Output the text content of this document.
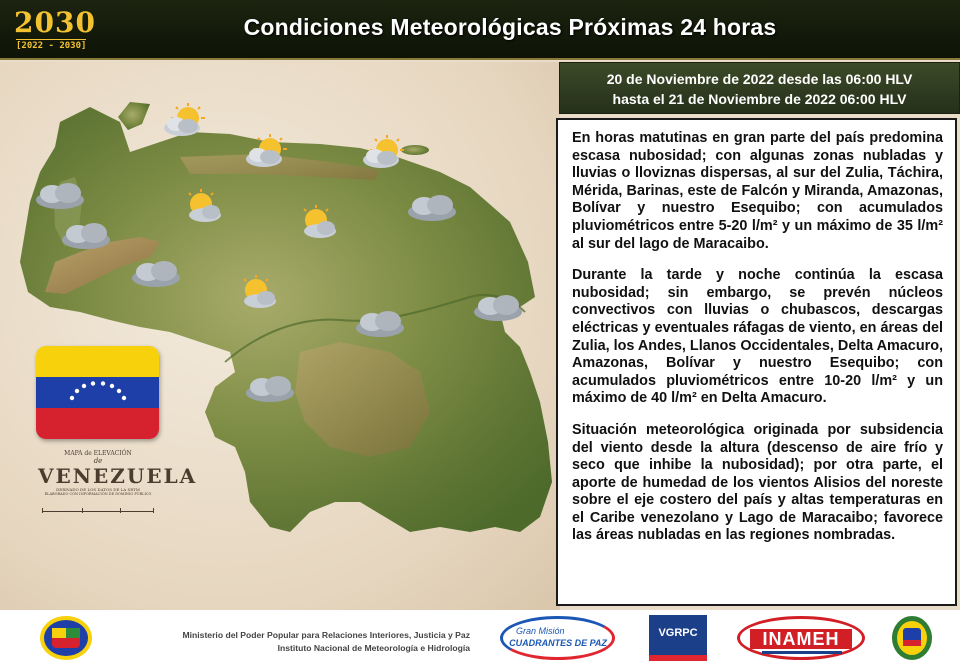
2030
[2022 - 2030]
Condiciones Meteorológicas Próximas 24 horas
MAPA de ELEVACIÓN
de
VENEZUELA
DERIVADO DE LOS DATOS DE LA SRTM
ELABORADO CON INFORMACIÓN DE DOMINIO PÚBLICO
20 de Noviembre de 2022 desde las 06:00 HLV
hasta el 21 de Noviembre de 2022 06:00 HLV

En horas matutinas en gran parte del país predomina escasa nubosidad; con algunas zonas nubladas y lluvias o lloviznas dispersas, al sur del Zulia, Táchira, Mérida, Barinas, este de Falcón y Miranda, Amazonas, Bolívar y nuestro Esequibo; con acumulados pluviométricos entre 5-20 l/m² y un máximo de 35 l/m² al sur del lago de Maracaibo.

Durante la tarde y noche continúa la escasa nubosidad; sin embargo, se prevén núcleos convectivos con lluvias o chubascos, descargas eléctricas y eventuales ráfagas de viento, en áreas del Zulia, los Andes, Llanos Occidentales, Delta Amacuro, Amazonas, Bolívar y nuestro Esequibo; con acumulados pluviométricos entre 10-20 l/m² y un máximo de 40 l/m² en Delta Amacuro.

Situación meteorológica originada por subsidencia del viento desde la altura (descenso de aire frío y seco que inhibe la nubosidad); por otra parte, el aporte de humedad de los vientos Alisios del noreste sobre el eje costero del país y altas temperaturas en el Caribe venezolano y Lago de Maracaibo; favorece las áreas nubladas en las regiones nombradas.

Ministerio del Poder Popular para Relaciones Interiores, Justicia y Paz
Instituto Nacional de Meteorología e Hidrología
Gran Misión
CUADRANTES DE PAZ
VGRPC	INAMEH
